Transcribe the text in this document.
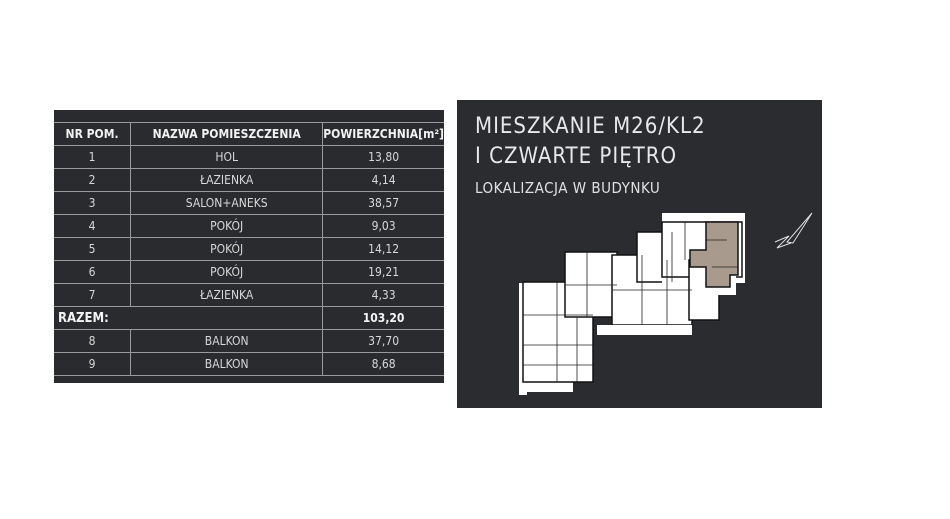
NR POM.	NAZWA POMIESZCZENIA	POWIERZCHNIA[m²]
1	HOL	13,80
2	ŁAZIENKA	4,14
3	SALON+ANEKS	38,57
4	POKÓJ	9,03
5	POKÓJ	14,12
6	POKÓJ	19,21
7	ŁAZIENKA	4,33
RAZEM:		103,20
8	BALKON	37,70
9	BALKON	8,68
MIESZKANIE M26/KL2
I CZWARTE PIĘTRO
LOKALIZACJA W BUDYNKU
